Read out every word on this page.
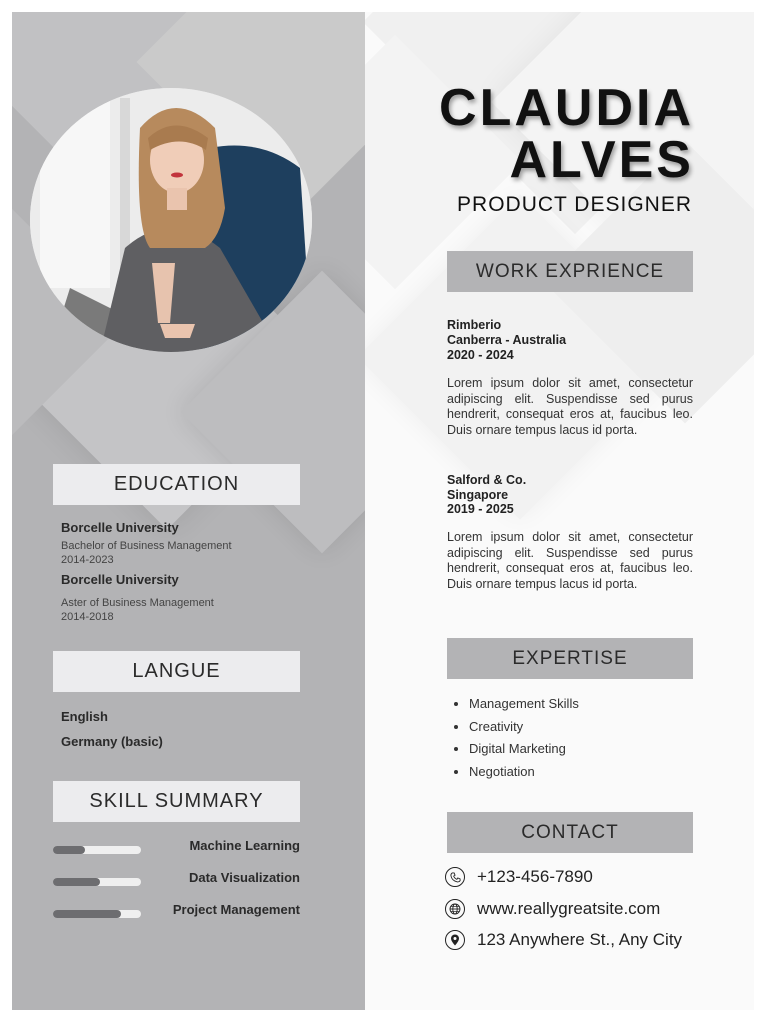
EDUCATION
Borcelle University
Bachelor of Business Management
2014-2023
Borcelle University
Aster of Business Management
2014-2018
LANGUE
English
Germany (basic)
SKILL SUMMARY
Machine Learning
Data Visualization
Project Management
CLAUDIA
ALVES
PRODUCT DESIGNER
WORK EXPRIENCE
Rimberio
Canberra - Australia
2020 - 2024
Lorem ipsum dolor sit amet, consectetur adipiscing elit. Suspendisse sed purus hendrerit, consequat eros at, faucibus leo. Duis ornare tempus lacus id porta.
Salford & Co.
Singapore
2019 - 2025
Lorem ipsum dolor sit amet, consectetur adipiscing elit. Suspendisse sed purus hendrerit, consequat eros at, faucibus leo. Duis ornare tempus lacus id porta.
EXPERTISE
• Management Skills
• Creativity
• Digital Marketing
• Negotiation
CONTACT
+123-456-7890
www.reallygreatsite.com
123 Anywhere St., Any City
